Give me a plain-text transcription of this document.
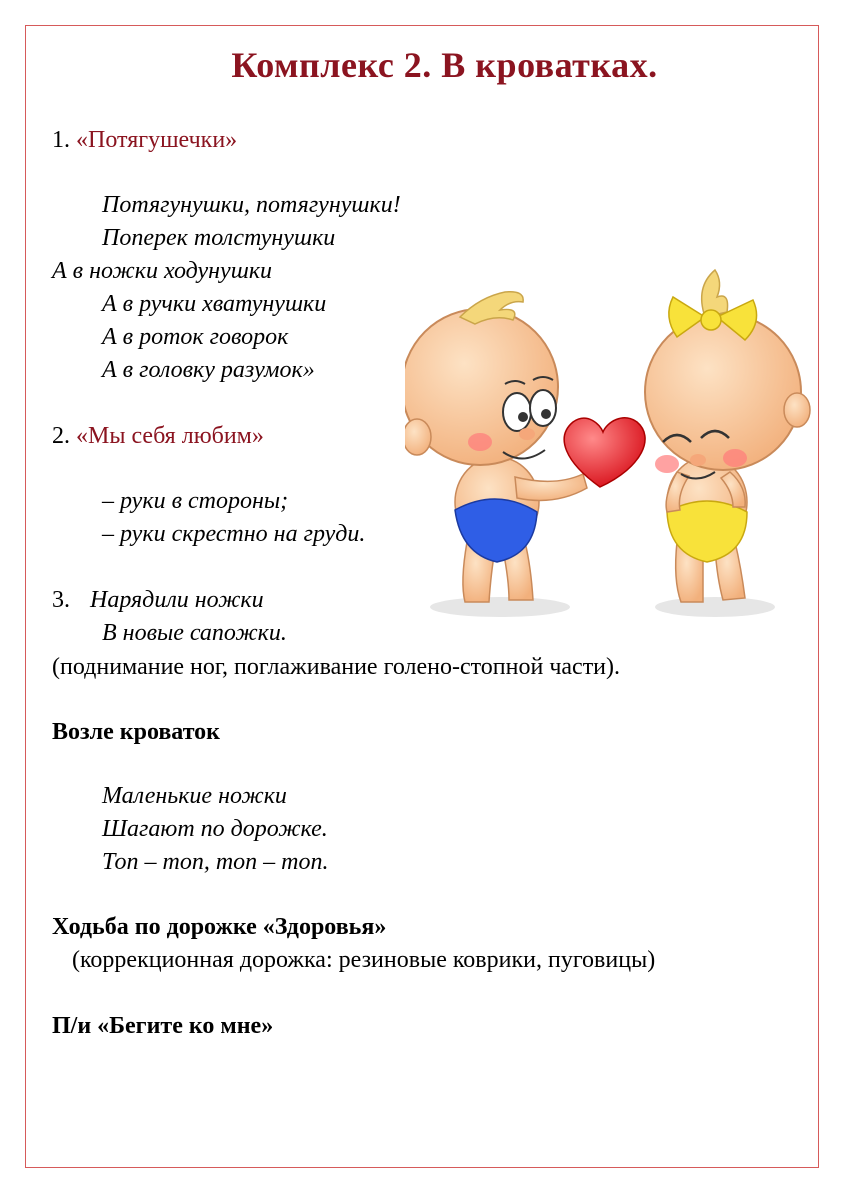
Комплекс 2. В кроватках.
1. «Потягушечки»
Потягунушки, потягунушки!
Поперек толстунушки
А в ножки ходунушки
А в ручки хватунушки
А в роток говорок
А в головку разумок»
2. «Мы себя любим»
– руки в стороны;
– руки скрестно на груди.
3. Нарядили ножки
В новые сапожки.
(поднимание ног, поглаживание голено-стопной части).
Возле кроваток
Маленькие ножки
Шагают по дорожке.
Топ – топ, топ – топ.
Ходьба по дорожке «Здоровья»
(коррекционная дорожка: резиновые коврики, пуговицы)
П/и «Бегите ко мне»
